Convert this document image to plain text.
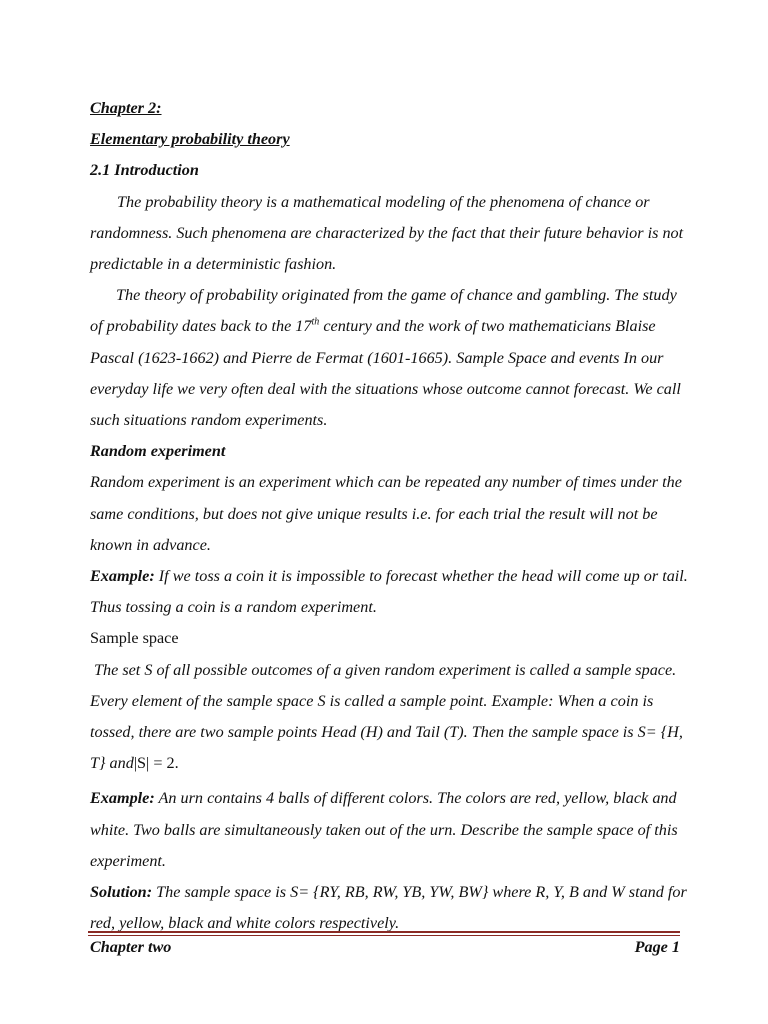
Chapter 2:

Elementary probability theory

2.1 Introduction

The probability theory is a mathematical modeling of the phenomena of chance or randomness. Such phenomena are characterized by the fact that their future behavior is not predictable in a deterministic fashion.

The theory of probability originated from the game of chance and gambling. The study of probability dates back to the 17th century and the work of two mathematicians Blaise Pascal (1623-1662) and Pierre de Fermat (1601-1665). Sample Space and events In our everyday life we very often deal with the situations whose outcome cannot forecast. We call such situations random experiments.

Random experiment

Random experiment is an experiment which can be repeated any number of times under the same conditions, but does not give unique results i.e. for each trial the result will not be known in advance.

Example: If we toss a coin it is impossible to forecast whether the head will come up or tail. Thus tossing a coin is a random experiment.

Sample space

The set S of all possible outcomes of a given random experiment is called a sample space. Every element of the sample space S is called a sample point. Example: When a coin is tossed, there are two sample points Head (H) and Tail (T). Then the sample space is S= {H, T} and|S| = 2.

Example: An urn contains 4 balls of different colors. The colors are red, yellow, black and white. Two balls are simultaneously taken out of the urn. Describe the sample space of this experiment.

Solution: The sample space is S= {RY, RB, RW, YB, YW, BW} where R, Y, B and W stand for red, yellow, black and white colors respectively.

Chapter two	Page 1
